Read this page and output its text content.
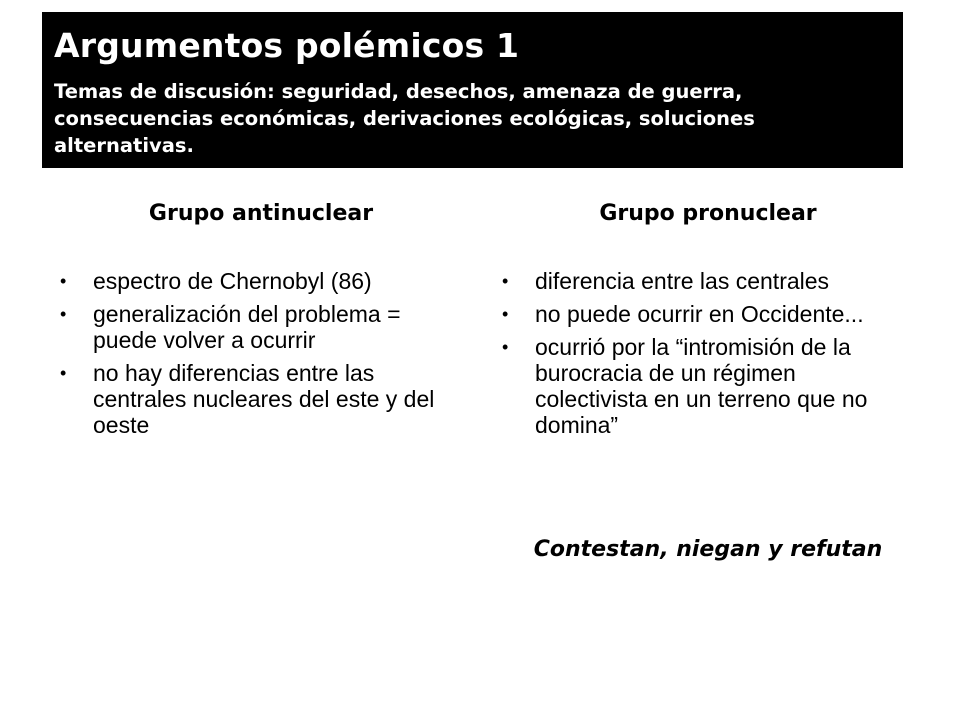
Argumentos polémicos 1

Temas de discusión: seguridad, desechos, amenaza de guerra, consecuencias económicas, derivaciones ecológicas, soluciones alternativas.

Grupo antinuclear
• espectro de Chernobyl (86)
• generalización del problema = puede volver a ocurrir
• no hay diferencias entre las centrales nucleares del este y del oeste
Grupo pronuclear
• diferencia entre las centrales
• no puede ocurrir en Occidente...
• ocurrió por la “intromisión de la burocracia de un régimen colectivista en un terreno que no domina”
Contestan, niegan y refutan
